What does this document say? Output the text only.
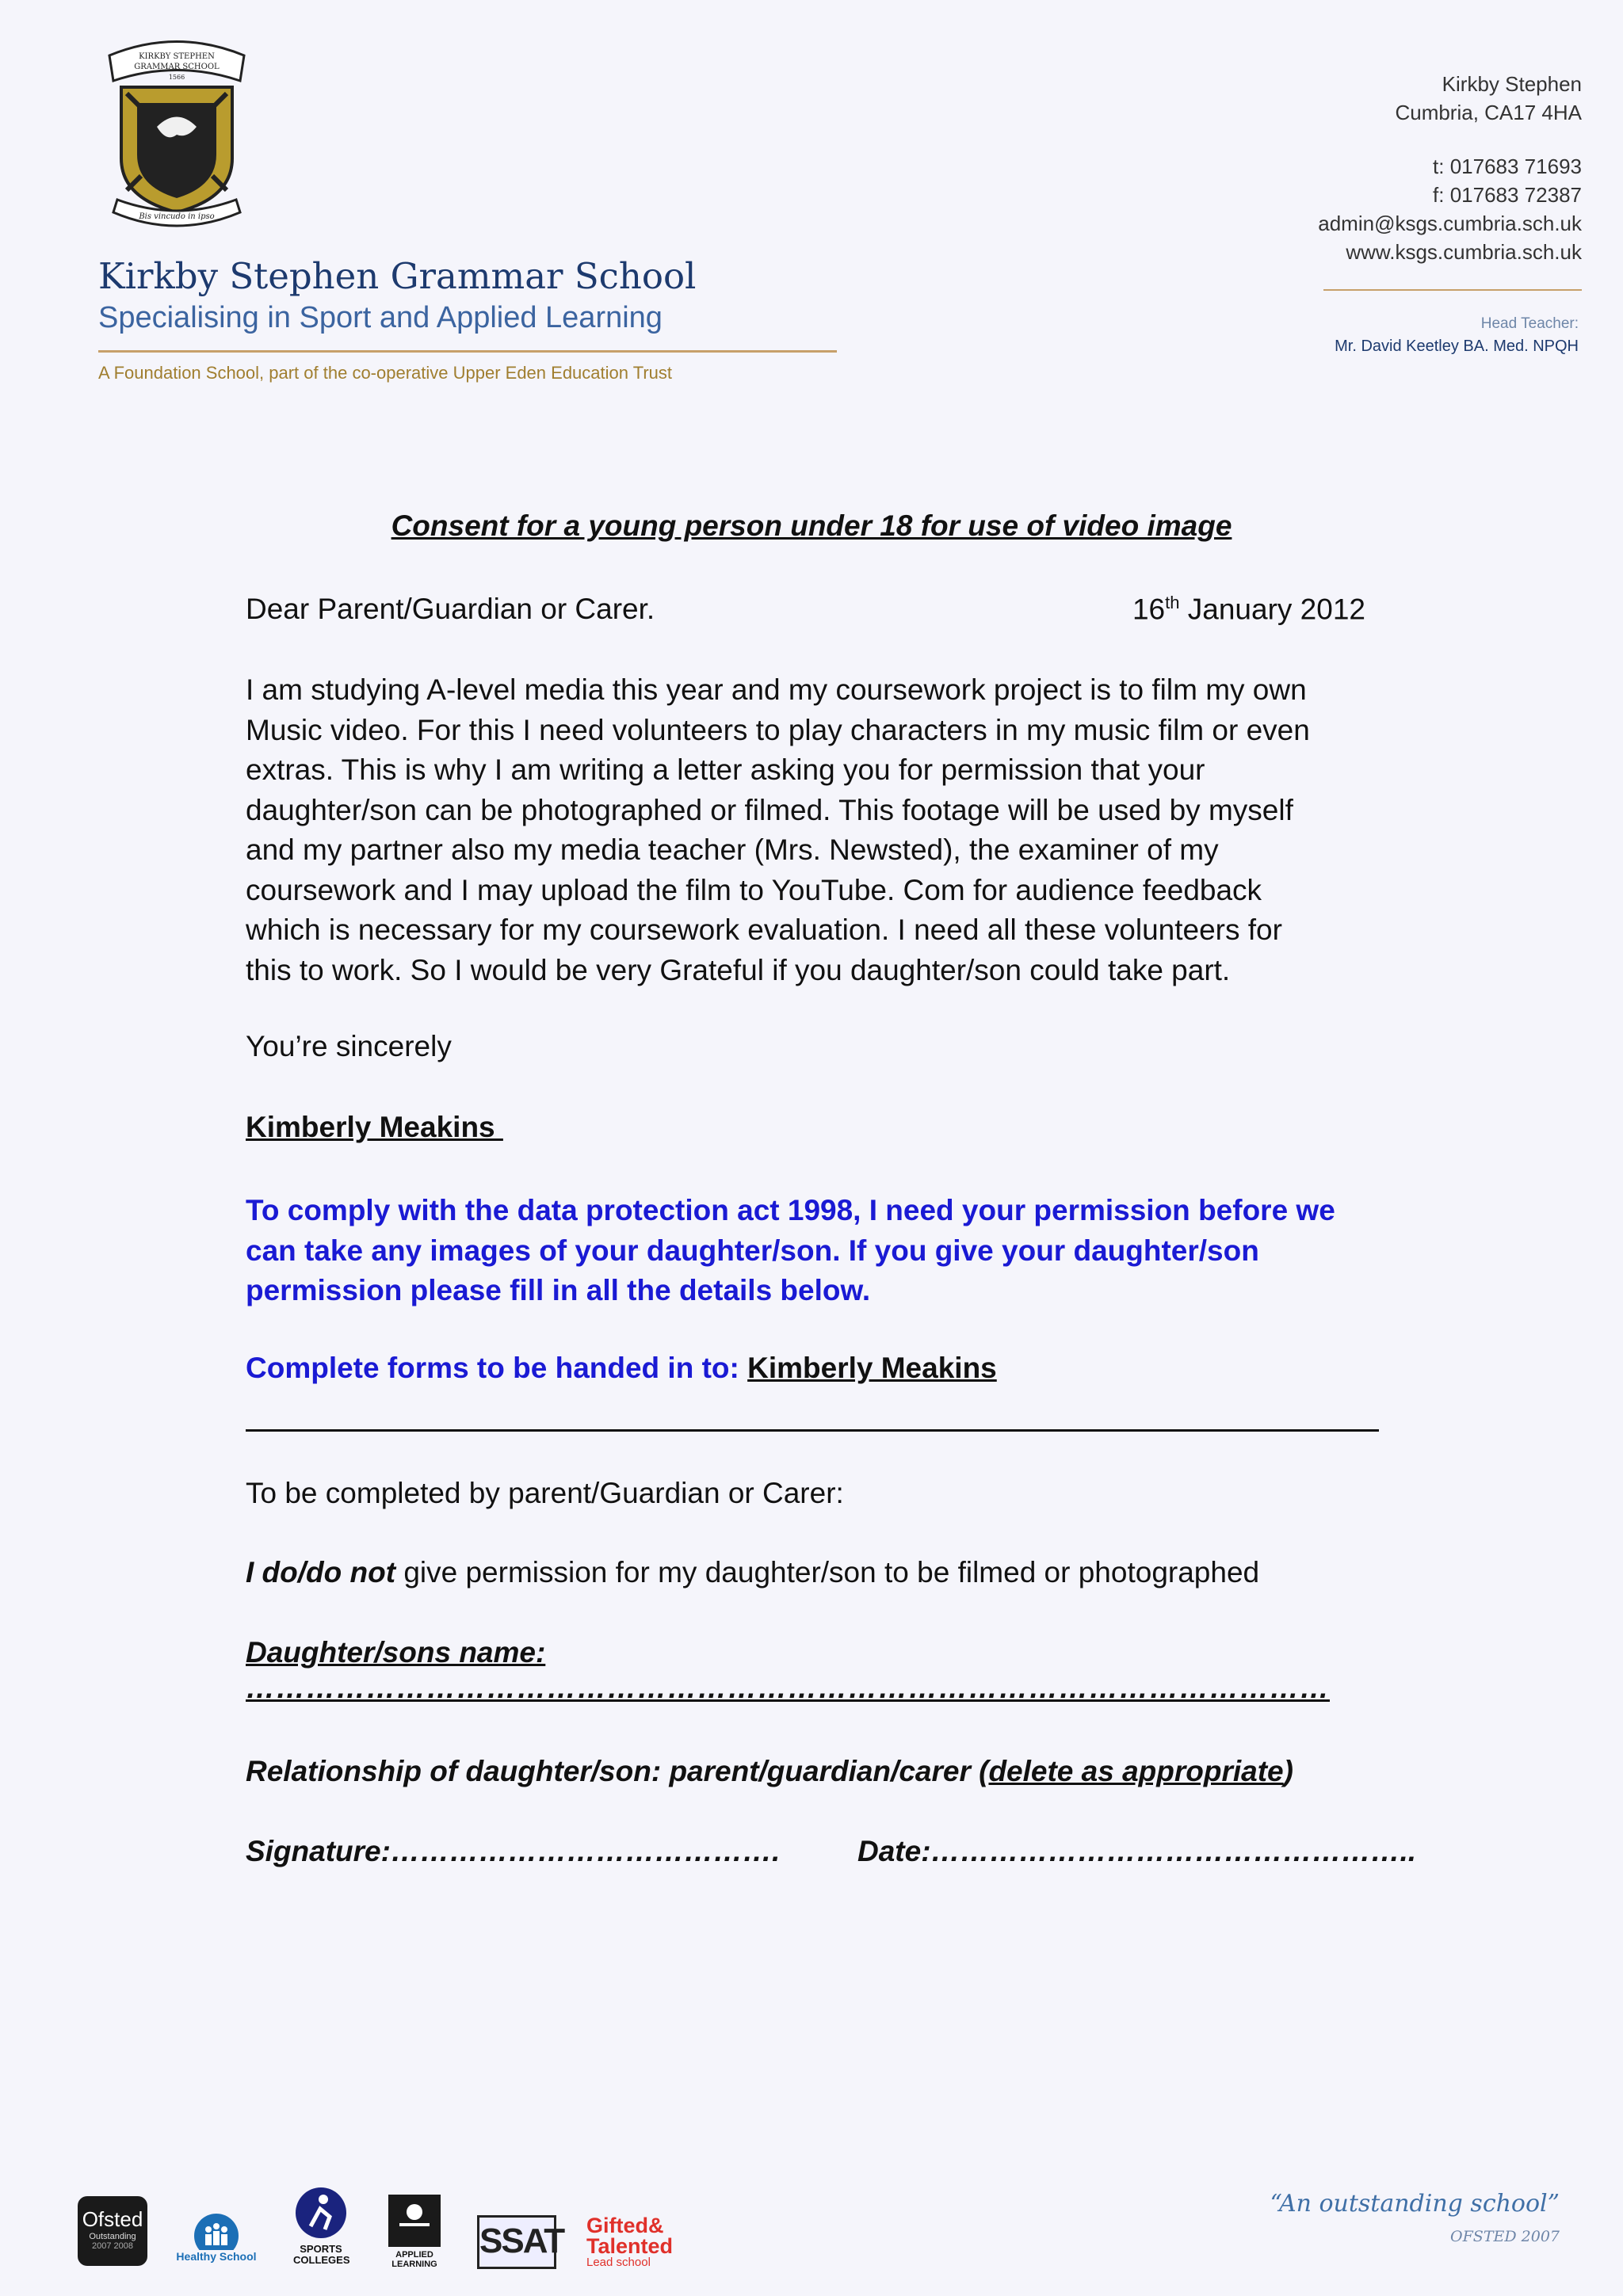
KIRKBY STEPHEN
GRAMMAR SCHOOL
1566
Bis vincudo in ipso
Kirkby Stephen Grammar School
Specialising in Sport and Applied Learning
A Foundation School, part of the co-operative Upper Eden Education Trust
Kirkby Stephen
Cumbria, CA17 4HA
t: 017683 71693
f: 017683 72387
admin@ksgs.cumbria.sch.uk
www.ksgs.cumbria.sch.uk
Head Teacher:
Mr. David Keetley BA. Med. NPQH
Consent for a young person under 18 for use of video image
Dear Parent/Guardian or Carer.	16th January 2012
I am studying A-level media this year and my coursework project is to film my own
Music video. For this I need volunteers to play characters in my music film or even
extras. This is why I am writing a letter asking you for permission that your
daughter/son can be photographed or filmed. This footage will be used by myself
and my partner also my media teacher (Mrs. Newsted), the examiner of my
coursework and I may upload the film to YouTube. Com for audience feedback
which is necessary for my coursework evaluation. I need all these volunteers for
this to work. So I would be very Grateful if you daughter/son could take part.
You’re sincerely
Kimberly Meakins
To comply with the data protection act 1998, I need your permission before we
can take any images of your daughter/son. If you give your daughter/son
permission please fill in all the details below.
Complete forms to be handed in to: Kimberly Meakins
To be completed by parent/Guardian or Carer:
I do/do not give permission for my daughter/son to be filmed or photographed
Daughter/sons name:
………………………………………………………………………………………………
Relationship of daughter/son: parent/guardian/carer (delete as appropriate)
Signature:………………………………….	Date:…………………………………………..
Ofsted
Outstanding
2007 2008
Healthy School
SPORTS COLLEGES	APPLIED LEARNING
SSAT Gifted&
Talented
Lead school
“An outstanding school”
OFSTED 2007
